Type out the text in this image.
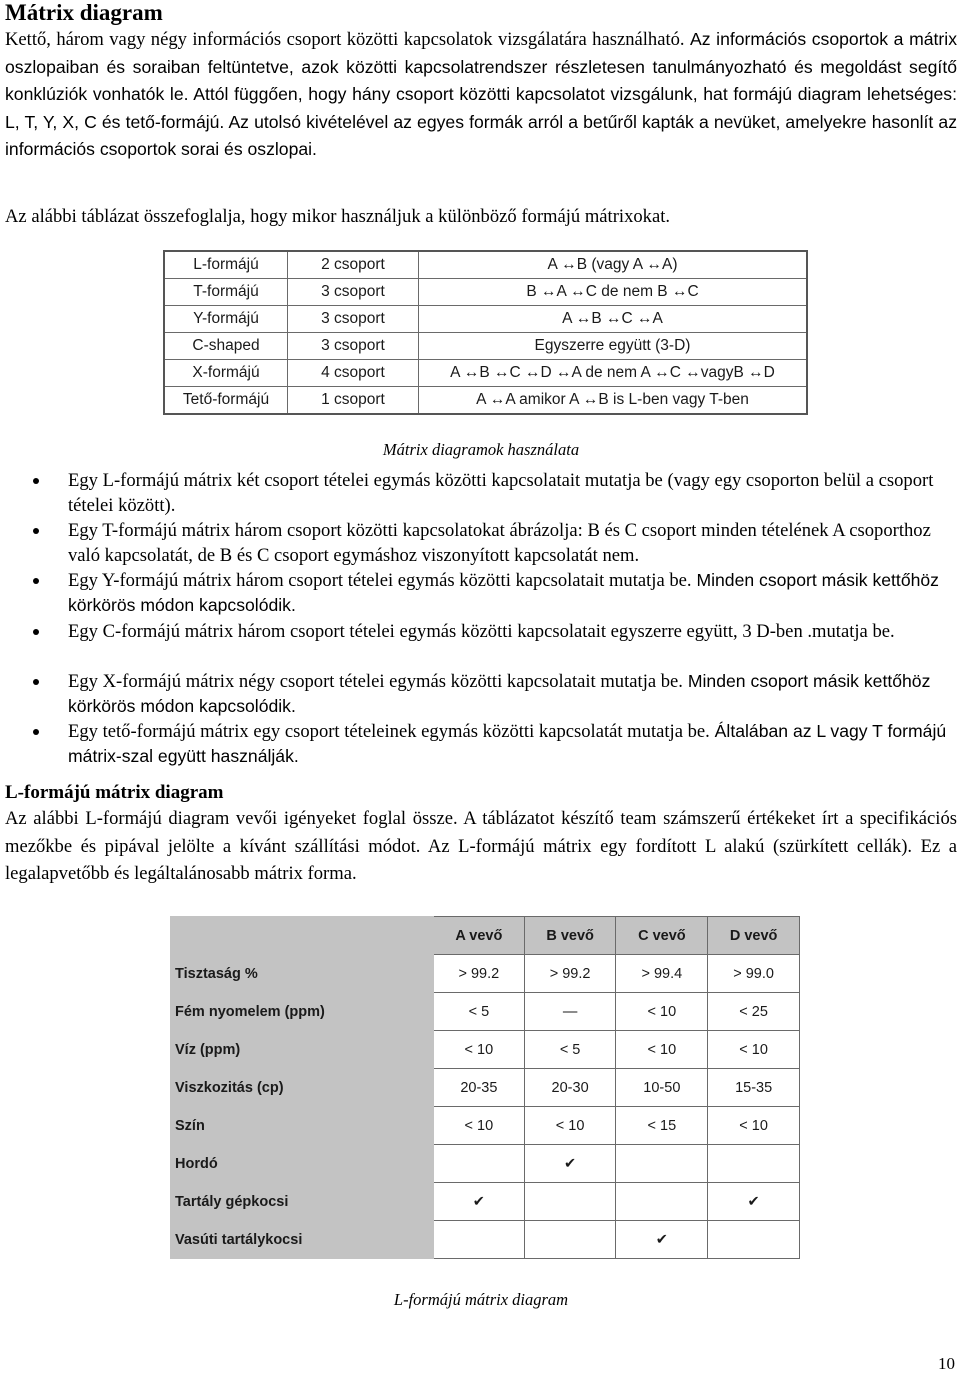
Mátrix diagram

Kettő, három vagy négy információs csoport közötti kapcsolatok vizsgálatára használható. Az információs csoportok a mátrix oszlopaiban és soraiban feltüntetve, azok közötti kapcsolatrendszer részletesen tanulmányozható és megoldást segítő konklúziók vonhatók le. Attól függően, hogy hány csoport közötti kapcsolatot vizsgálunk, hat formájú diagram lehetséges: L, T, Y, X, C és tető-formájú. Az utolsó kivételével az egyes formák arról a betűről kapták a nevüket, amelyekre hasonlít az információs csoportok sorai és oszlopai.

Az alábbi táblázat összefoglalja, hogy mikor használjuk a különböző formájú mátrixokat.

L-formájú	2 csoport	A ↔B (vagy A ↔A)
T-formájú	3 csoport	B ↔A ↔C de nem B ↔C
Y-formájú	3 csoport	A ↔B ↔C ↔A
C-shaped	3 csoport	Egyszerre együtt (3-D)
X-formájú	4 csoport	A ↔B ↔C ↔D ↔A de nem A ↔C ↔vagyB ↔D
Tető-formájú	1 csoport	A ↔A amikor A ↔B is L-ben vagy T-ben
Mátrix diagramok használata
Egy L-formájú mátrix két csoport tételei egymás közötti kapcsolatait mutatja be (vagy egy csoporton belül a csoport tételei között).
Egy T-formájú mátrix három csoport közötti kapcsolatokat ábrázolja: B és C csoport minden tételének A csoporthoz való kapcsolatát, de B és C csoport egymáshoz viszonyított kapcsolatát nem.
Egy Y-formájú mátrix három csoport tételei egymás közötti kapcsolatait mutatja be. Minden csoport másik kettőhöz körkörös módon kapcsolódik.
Egy C-formájú mátrix három csoport tételei egymás közötti kapcsolatait egyszerre együtt, 3 D-ben .mutatja be.
Egy X-formájú mátrix négy csoport tételei egymás közötti kapcsolatait mutatja be. Minden csoport másik kettőhöz körkörös módon kapcsolódik.
Egy tető-formájú mátrix egy csoport tételeinek egymás közötti kapcsolatát mutatja be. Általában az L vagy T formájú mátrix-szal együtt használják.
L-formájú mátrix diagram

Az alábbi L-formájú diagram vevői igényeket foglal össze. A táblázatot készítő team számszerű értékeket írt a specifikációs mezőkbe és pipával jelölte a kívánt szállítási módot. Az L-formájú mátrix egy fordított L alakú (szürkített cellák). Ez a legalapvetőbb és legáltalánosabb mátrix forma.

	A vevő	B vevő	C vevő	D vevő
Tisztaság %	> 99.2	> 99.2	> 99.4	> 99.0
Fém nyomelem (ppm)	< 5	—	< 10	< 25
Víz (ppm)	< 10	< 5	< 10	< 10
Viszkozitás (cp)	20-35	20-30	10-50	15-35
Szín	< 10	< 10	< 15	< 10
Hordó		✔		
Tartály gépkocsi	✔			✔
Vasúti tartálykocsi			✔	
L-formájú mátrix diagram
10
